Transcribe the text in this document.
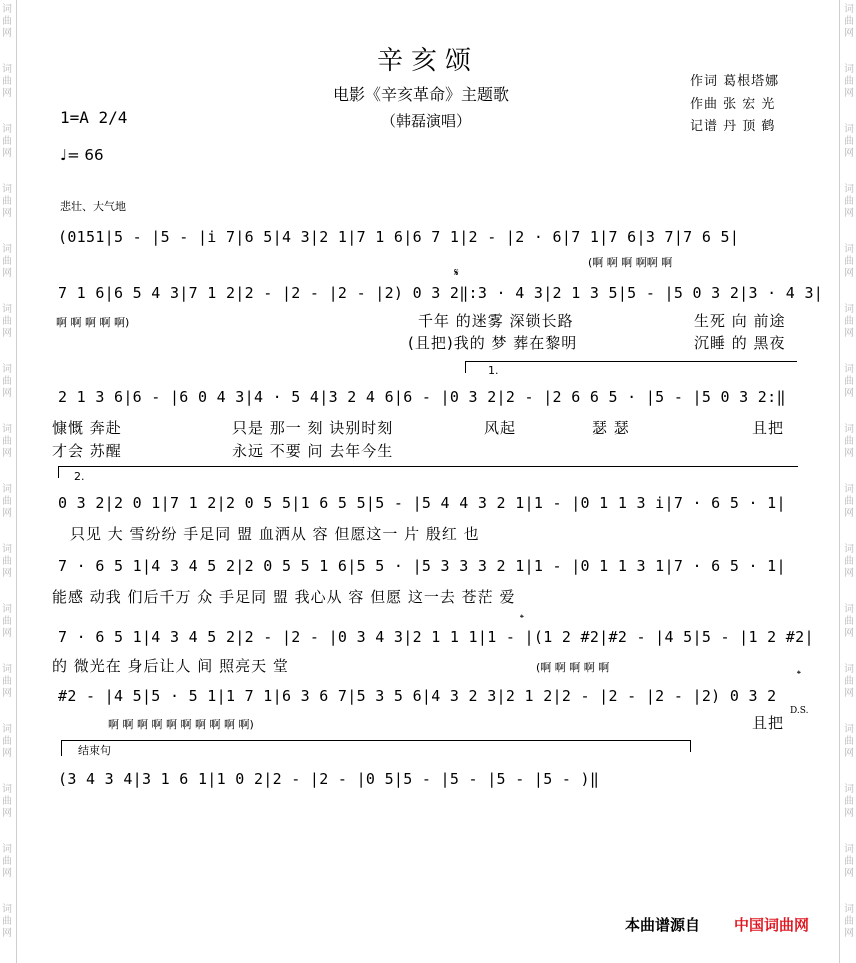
词
曲
网
词
曲
网
词
曲
网
词
曲
网
词
曲
网
词
曲
网
词
曲
网
词
曲
网
词
曲
网
词
曲
网
词
曲
网
词
曲
网
词
曲
网
词
曲
网
词
曲
网
词
曲
网
词
曲
网
词
曲
网
词
曲
网
词
曲
网
词
曲
网
词
曲
网
词
曲
网
词
曲
网
词
曲
网
词
曲
网
词
曲
网
词
曲
网
词
曲
网
词
曲
网
词
曲
网
词
曲
网
辛亥颂
电影《辛亥革命》主题歌
（韩磊演唱）
作词 葛根塔娜
作曲 张 宏 光
记谱 丹 顶 鹤
1=A 2/4
♩= 66
悲壮、大气地
(0151|5 - |5 - |i 7|6 5|4 3|2 1|7 1 6|6 7 1|2 - |2 · 6|7 1|7 6|3 7|7 6 5|
(啊 啊 啊 啊啊 啊
𝄋
7 1 6|6 5 4 3|7 1 2|2 - |2 - |2 - |2) 0 3 2‖:3 · 4 3|2 1 3 5|5 - |5 0 3 2|3 · 4 3|
啊 啊 啊 啊 啊)	千年 的迷雾 深锁长路	生死 向 前途
(且把)我的 梦 葬在黎明	沉睡 的 黑夜
1.
2 1 3 6|6 - |6 0 4 3|4 · 5 4|3 2 4 6|6 - |0 3 2|2 - |2 6 6 5 · |5 - |5 0 3 2:‖
慷慨 奔赴	只是 那一 刻 诀别时刻	风起	瑟 瑟	且把
才会 苏醒	永远 不要 问 去年今生
2.
0 3 2|2 0 1|7 1 2|2 0 5 5|1 6 5 5|5 - |5 4 4 3 2 1|1 - |0 1 1 3 i|7 · 6 5 · 1|
只见 大 雪纷纷 手足同 盟 血洒从 容 但愿这一 片 殷红 也
7 · 6 5 1|4 3 4 5 2|2 0 5 5 1 6|5 5 · |5 3 3 3 2 1|1 - |0 1 1 3 1|7 · 6 5 · 1|
能感 动我 们后千万 众 手足同 盟 我心从 容 但愿 这一去 苍茫 爱
𝄌
7 · 6 5 1|4 3 4 5 2|2 - |2 - |0 3 4 3|2 1 1 1|1 - |(1 2 #2|#2 - |4 5|5 - |1 2 #2|
的 微光在 身后让人 间 照亮天 堂	(啊 啊 啊 啊 啊
𝄌
#2 - |4 5|5 · 5 1|1 7 1|6 3 6 7|5 3 5 6|4 3 2 3|2 1 2|2 - |2 - |2 - |2) 0 3 2
啊 啊 啊 啊 啊 啊 啊 啊 啊 啊)	且把
D.S.
结束句
(3 4 3 4|3 1 6 1|1 0 2|2 - |2 - |0 5|5 - |5 - |5 - |5 - )‖
本曲谱源自 中国词曲网
